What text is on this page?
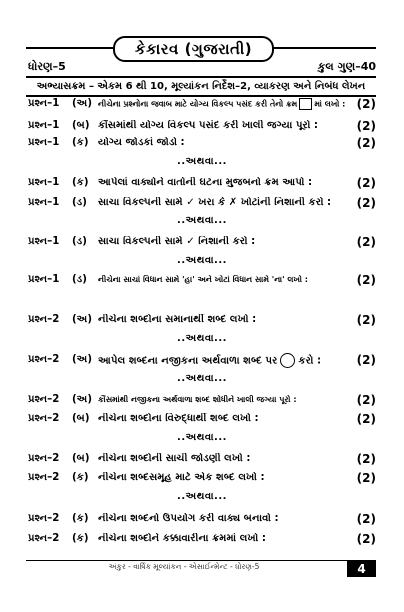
કેકારવ (ગુજરાતી)
ધોરણ–5	કુલ ગુણ–40
અભ્યાસક્રમ – એકમ 6 થી 10, મૂલ્યાંકન નિર્દેશ–2, વ્યાકરણ અને નિબંધ લેખન
પ્રશ્ન–1	(અ) નીચેના પ્રશ્નોના જવાબ માટે યોગ્ય વિકલ્પ પસંદ કરી તેનો ક્રમ માં લખો : (2)
પ્રશ્ન–1	(બ) કૌંસમાંથી યોગ્ય વિકલ્પ પસંદ કરી ખાલી જગ્યા પૂરો :	(2)
પ્રશ્ન–1	(ક) યોગ્ય જોડકાં જોડો :	(2)
..અથવા...
પ્રશ્ન–1	(ક) આપેલાં વાક્યોને વાર્તાની ઘટના મુજબનો ક્રમ આપો :	(2)
પ્રશ્ન–1	(ડ)	સાચા વિકલ્પની સામે ✓ ખરા કે ✗ ખોટાંની નિશાની કરો :	(2)
..અથવા...
પ્રશ્ન–1	(ડ)	સાચા વિકલ્પની સામે ✓ નિશાની કરો :	(2)
..અથવા...
પ્રશ્ન–1	(ડ)	નીચેના સાચાં વિધાન સામે 'હા' અને ખોટાં વિધાન સામે 'ના' લખો :	(2)
પ્રશ્ન–2	(અ) નીચેના શબ્દોના સમાનાર્થી શબ્દ લખો :	(2)
..અથવા...
પ્રશ્ન–2	(અ) આપેલ શબ્દના નજીકના અર્થવાળા શબ્દ પર કરો :	(2)
..અથવા...
પ્રશ્ન–2	(અ) કૌંસમાંથી નજીકના અર્થવાળા શબ્દ શોધીને ખાલી જગ્યા પૂરો :	(2)
પ્રશ્ન–2	(બ) નીચેના શબ્દોના વિરુદ્ધાર્થી શબ્દ લખો :	(2)
..અથવા...
પ્રશ્ન–2	(બ) નીચેના શબ્દોની સાચી જોડણી લખો :	(2)
પ્રશ્ન–2	(ક) નીચેના શબ્દસમૂહ માટે એક શબ્દ લખો :	(2)
..અથવા...
પ્રશ્ન–2	(ક) નીચેના શબ્દનો ઉપયોગ કરી વાક્ય બનાવો :	(2)
પ્રશ્ન–2	(ક) નીચેના શબ્દોને કક્કાવારીના ક્રમમાં લખો :	(2)
અંકુર - વાર્ષિક મૂલ્યાંકન - એસાઈન્મેન્ટ - ધોરણ-5	4
